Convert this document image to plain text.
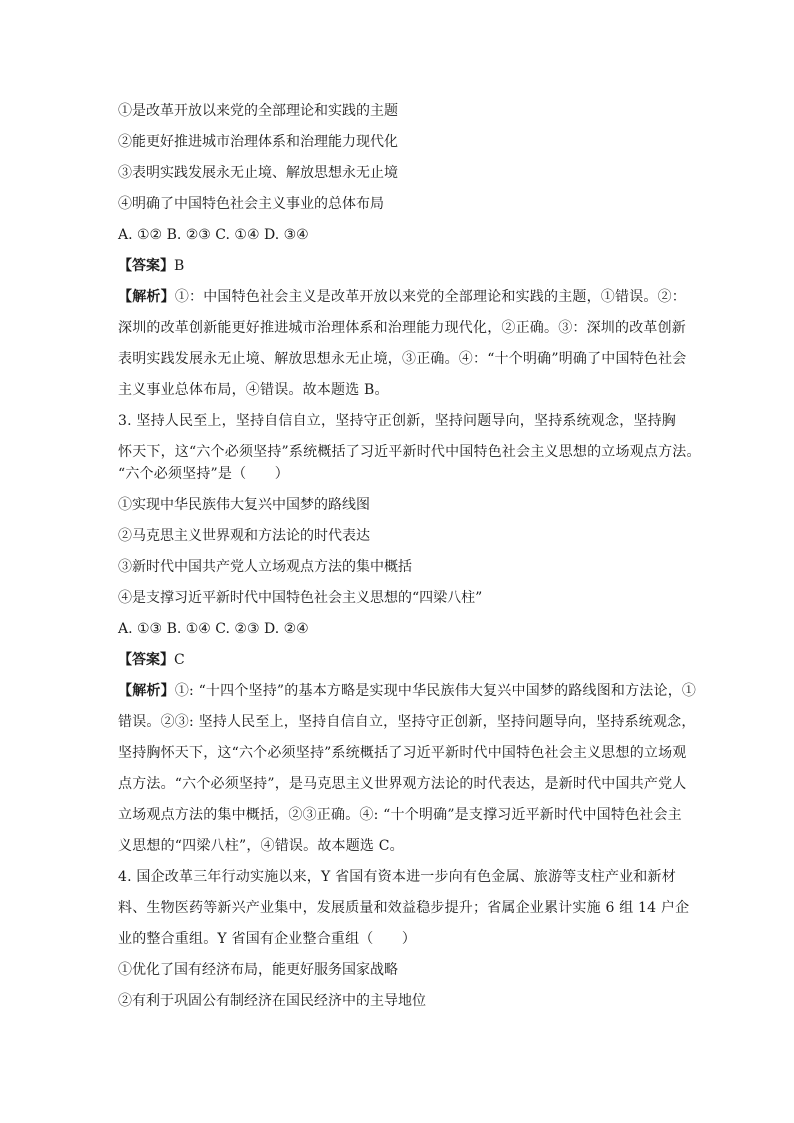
①是改革开放以来党的全部理论和实践的主题

②能更好推进城市治理体系和治理能力现代化

③表明实践发展永无止境、解放思想永无止境

④明确了中国特色社会主义事业的总体布局

A. ①② B. ②③ C. ①④ D. ③④

【答案】B

【解析】①：中国特色社会主义是改革开放以来党的全部理论和实践的主题，①错误。②：

深圳的改革创新能更好推进城市治理体系和治理能力现代化，②正确。③：深圳的改革创新

表明实践发展永无止境、解放思想永无止境，③正确。④：“十个明确”明确了中国特色社会

主义事业总体布局，④错误。故本题选 B。

3. 坚持人民至上，坚持自信自立，坚持守正创新，坚持问题导向，坚持系统观念，坚持胸

怀天下，这“六个必须坚持”系统概括了习近平新时代中国特色社会主义思想的立场观点方法。

“六个必须坚持”是（　　）

①实现中华民族伟大复兴中国梦的路线图

②马克思主义世界观和方法论的时代表达

③新时代中国共产党人立场观点方法的集中概括

④是支撑习近平新时代中国特色社会主义思想的“四梁八柱”

A. ①③ B. ①④ C. ②③ D. ②④

【答案】C

【解析】①: “十四个坚持”的基本方略是实现中华民族伟大复兴中国梦的路线图和方法论，①

错误。②③: 坚持人民至上，坚持自信自立，坚持守正创新，坚持问题导向，坚持系统观念，

坚持胸怀天下，这“六个必须坚持”系统概括了习近平新时代中国特色社会主义思想的立场观

点方法。“六个必须坚持”，是马克思主义世界观方法论的时代表达，是新时代中国共产党人

立场观点方法的集中概括，②③正确。④: “十个明确”是支撑习近平新时代中国特色社会主

义思想的“四梁八柱”，④错误。故本题选 C。

4. 国企改革三年行动实施以来，Y 省国有资本进一步向有色金属、旅游等支柱产业和新材

料、生物医药等新兴产业集中，发展质量和效益稳步提升；省属企业累计实施 6 组 14 户企

业的整合重组。Y 省国有企业整合重组（　　）

①优化了国有经济布局，能更好服务国家战略

②有利于巩固公有制经济在国民经济中的主导地位
